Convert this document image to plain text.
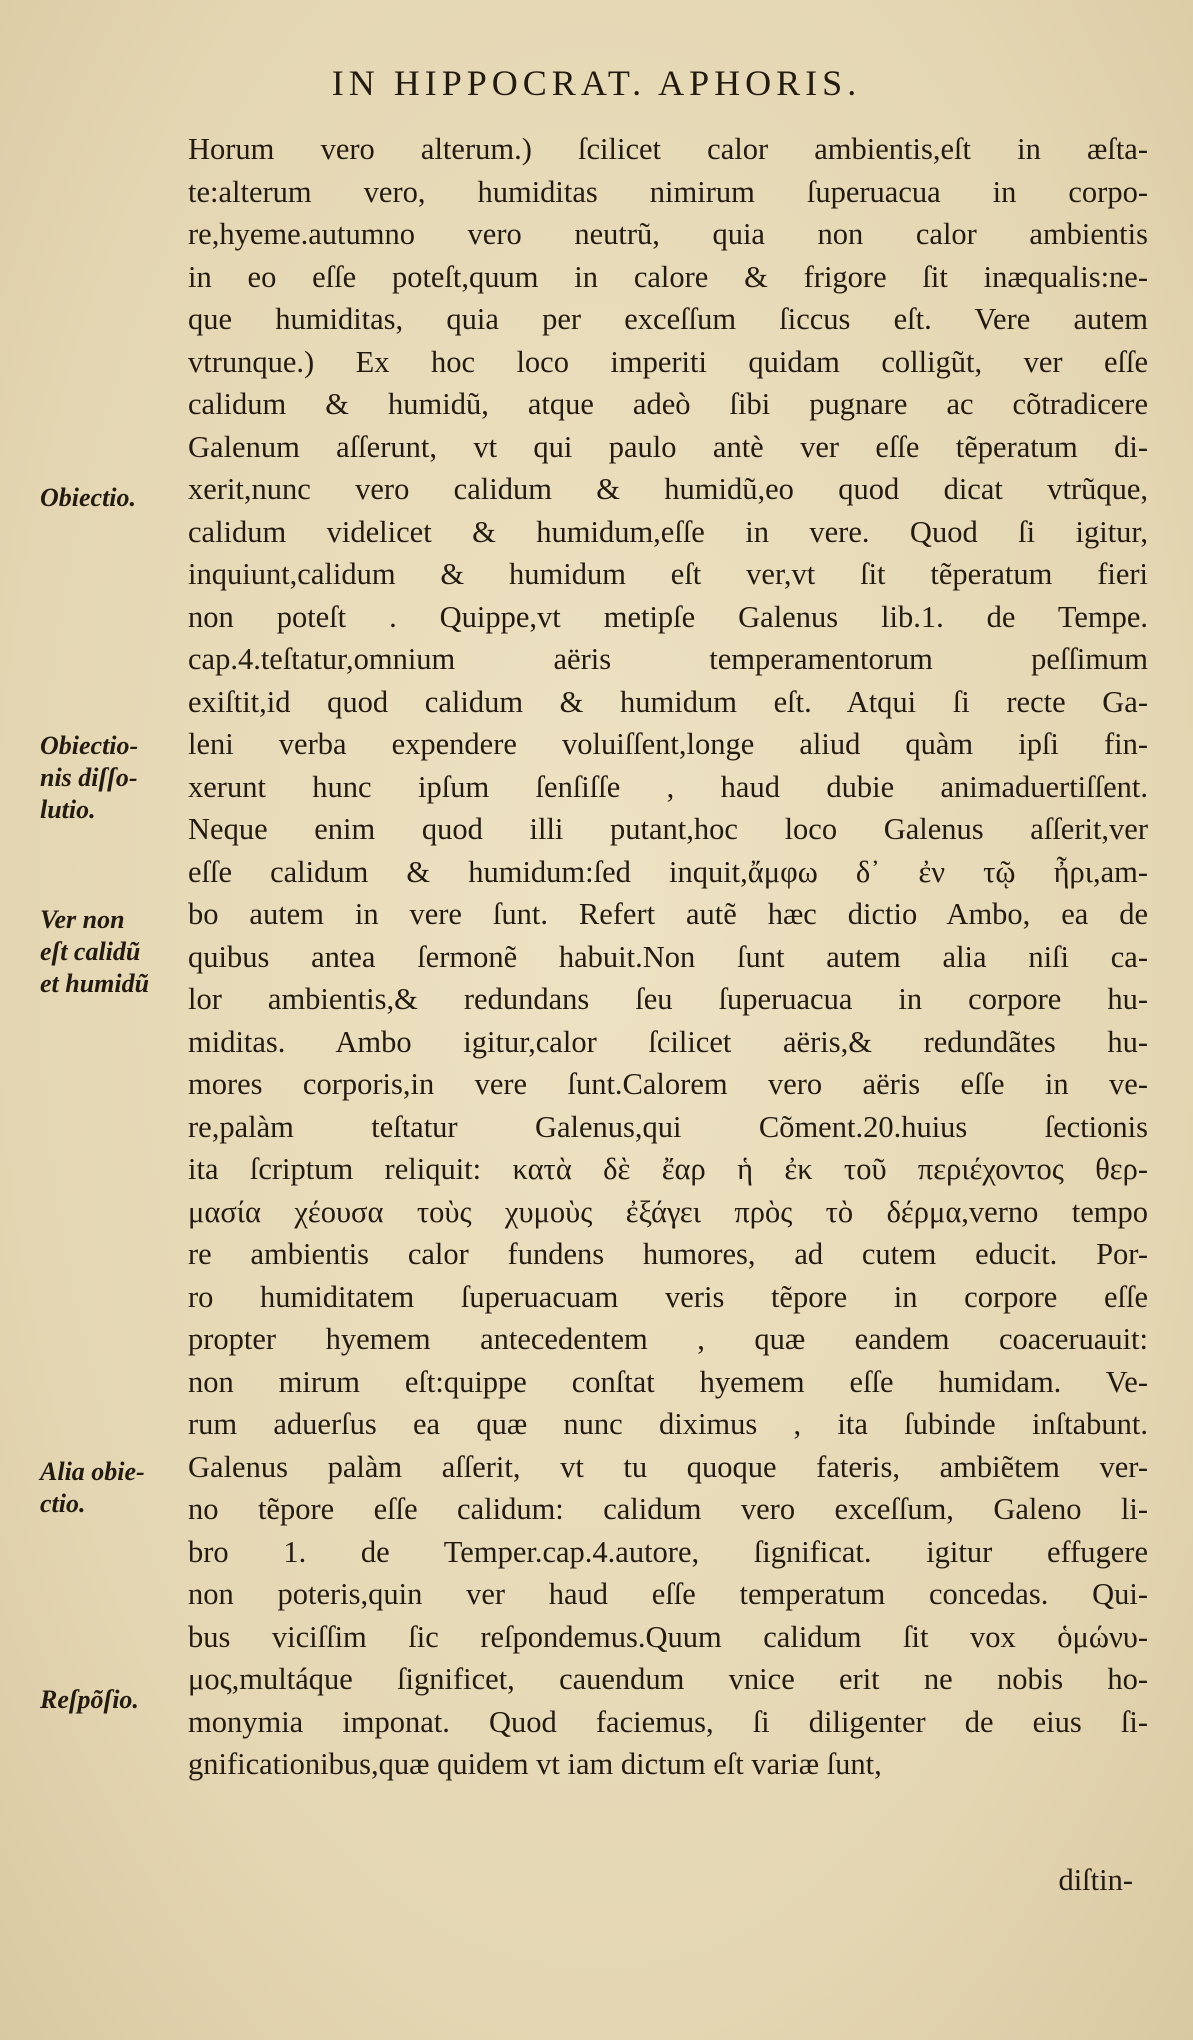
IN HIPPOCRAT. APHORIS.
Horum vero alterum.) ſcilicet calor ambientis,eſt in æſta-
te:alterum vero, humiditas nimirum ſuperuacua in corpo-
re,hyeme.autumno vero neutrũ, quia non calor ambientis
in eo eſſe poteſt,quum in calore & frigore ſit inæqualis:ne-
que humiditas, quia per exceſſum ſiccus eſt. Vere autem
vtrunque.) Ex hoc loco imperiti quidam colligũt, ver eſſe
calidum & humidũ, atque adeò ſibi pugnare ac cõtradicere
Galenum aſſerunt, vt qui paulo antè ver eſſe tẽperatum di-
xerit,nunc vero calidum & humidũ,eo quod dicat vtrũque,
calidum videlicet & humidum,eſſe in vere. Quod ſi igitur,
inquiunt,calidum & humidum eſt ver,vt ſit tẽperatum fieri
non poteſt . Quippe,vt metipſe Galenus lib.1. de Tempe.
cap.4.teſtatur,omnium aëris temperamentorum peſſimum
exiſtit,id quod calidum & humidum eſt. Atqui ſi recte Ga-
leni verba expendere voluiſſent,longe aliud quàm ipſi fin-
xerunt hunc ipſum ſenſiſſe , haud dubie animaduertiſſent.
Neque enim quod illi putant,hoc loco Galenus aſſerit,ver
eſſe calidum & humidum:ſed inquit,ἄμφω δ᾽ ἐν τῷ ἦρι,am-
bo autem in vere ſunt. Refert autẽ hæc dictio Ambo, ea de
quibus antea ſermonẽ habuit.Non ſunt autem alia niſi ca-
lor ambientis,& redundans ſeu ſuperuacua in corpore hu-
miditas. Ambo igitur,calor ſcilicet aëris,& redundãtes hu-
mores corporis,in vere ſunt.Calorem vero aëris eſſe in ve-
re,palàm teſtatur Galenus,qui Cõment.20.huius ſectionis
ita ſcriptum reliquit: κατὰ δὲ ἔαρ ἡ ἐκ τοῦ περιέχοντος θερ-
μασία χέουσα τοὺς χυμοὺς ἐξάγει πρὸς τὸ δέρμα,verno tempo
re ambientis calor fundens humores, ad cutem educit. Por-
ro humiditatem ſuperuacuam veris tẽpore in corpore eſſe
propter hyemem antecedentem , quæ eandem coaceruauit:
non mirum eſt:quippe conſtat hyemem eſſe humidam. Ve-
rum aduerſus ea quæ nunc diximus , ita ſubinde inſtabunt.
Galenus palàm aſſerit, vt tu quoque fateris, ambiẽtem ver-
no tẽpore eſſe calidum: calidum vero exceſſum, Galeno li-
bro 1. de Temper.cap.4.autore, ſignificat. igitur effugere
non poteris,quin ver haud eſſe temperatum concedas. Qui-
bus viciſſim ſic reſpondemus.Quum calidum ſit vox ὁμώνυ-
μος,multáque ſignificet, cauendum vnice erit ne nobis ho-
monymia imponat. Quod faciemus, ſi diligenter de eius ſi-
gnificationibus,quæ quidem vt iam dictum eſt variæ ſunt,
Obiectio.
Obiectio-
nis diſſo-
lutio.
Ver non
eſt calidũ
et humidũ
Alia obie-
ctio.
Reſpõſio.
diſtin-
